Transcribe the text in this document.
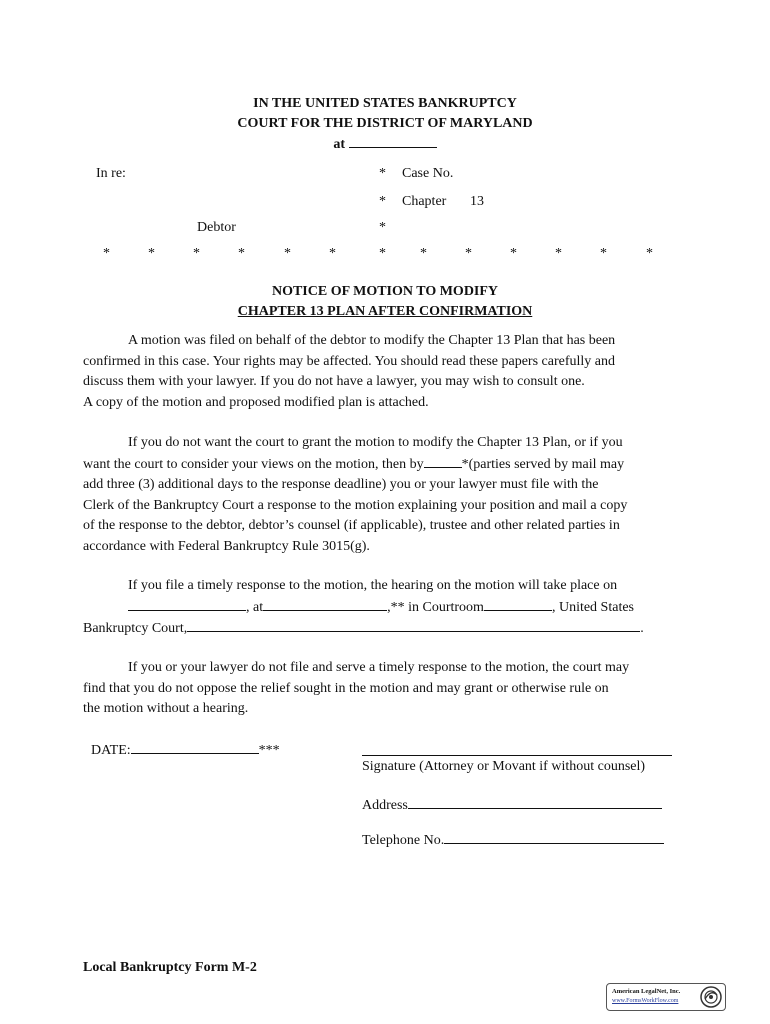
IN THE UNITED STATES BANKRUPTCY
COURT FOR THE DISTRICT OF MARYLAND
at
In re:
Debtor
* Case No.
* Chapter 13
*
*	*	*	*	*	*	* *	*	*	*	*	*
NOTICE OF MOTION TO MODIFY
CHAPTER 13 PLAN AFTER CONFIRMATION
A motion was filed on behalf of the debtor to modify the Chapter 13 Plan that has been
confirmed in this case. Your rights may be affected. You should read these papers carefully and
discuss them with your lawyer. If you do not have a lawyer, you may wish to consult one.
A copy of the motion and proposed modified plan is attached.
If you do not want the court to grant the motion to modify the Chapter 13 Plan, or if you
want the court to consider your views on the motion, then by	*(parties served by mail may
add three (3) additional days to the response deadline) you or your lawyer must file with the
Clerk of the Bankruptcy Court a response to the motion explaining your position and mail a copy
of the response to the debtor, debtor’s counsel (if applicable), trustee and other related parties in
accordance with Federal Bankruptcy Rule 3015(g).
If you file a timely response to the motion, the hearing on the motion will take place on
, at	,** in Courtroom	, United States
Bankruptcy Court,	.
If you or your lawyer do not file and serve a timely response to the motion, the court may
find that you do not oppose the relief sought in the motion and may grant or otherwise rule on
the motion without a hearing.
DATE:	***
Signature (Attorney or Movant if without counsel)
Address
Telephone No.
Local Bankruptcy Form M-2
American LegalNet, Inc.
www.FormsWorkFlow.com
